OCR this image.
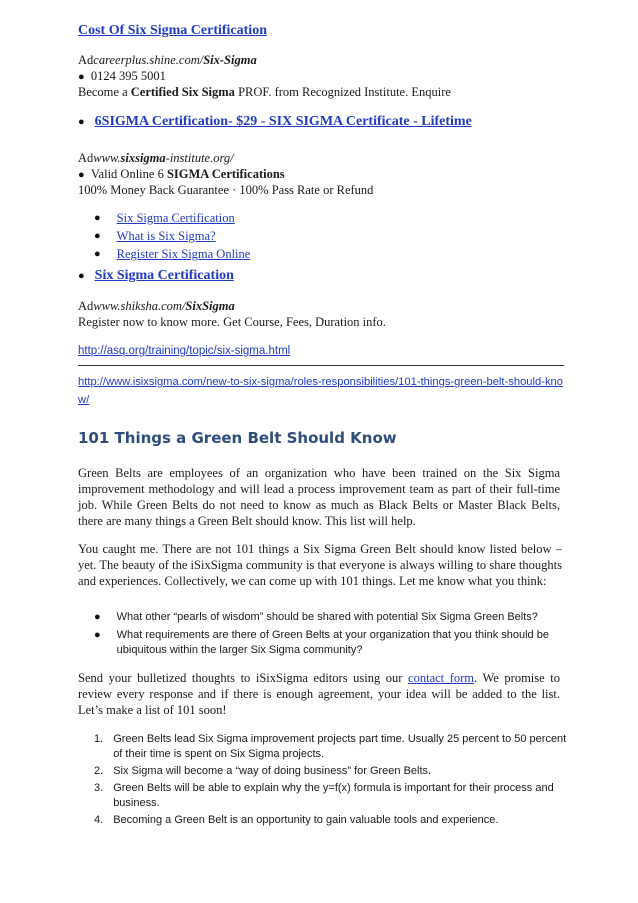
Cost Of Six Sigma Certification
Adcareerplus.shine.com/Six-Sigma
● 0124 395 5001
Become a Certified Six Sigma PROF. from Recognized Institute. Enquire
● 6SIGMA Certification- $29 - SIX SIGMA Certificate - Lifetime
Adwww.sixsigma-institute.org/
● Valid Online 6 SIGMA Certifications
100% Money Back Guarantee · 100% Pass Rate or Refund
● Six Sigma Certification
● What is Six Sigma?
● Register Six Sigma Online
● Six Sigma Certification
Adwww.shiksha.com/SixSigma
Register now to know more. Get Course, Fees, Duration info.
http://asq.org/training/topic/six-sigma.html
http://www.isixsigma.com/new-to-six-sigma/roles-responsibilities/101-things-green-belt-should-know/
101 Things a Green Belt Should Know

Green Belts are employees of an organization who have been trained on the Six Sigma improvement methodology and will lead a process improvement team as part of their full-time job. While Green Belts do not need to know as much as Black Belts or Master Black Belts, there are many things a Green Belt should know. This list will help.

You caught me. There are not 101 things a Six Sigma Green Belt should know listed below – yet. The beauty of the iSixSigma community is that everyone is always willing to share thoughts and experiences. Collectively, we can come up with 101 things. Let me know what you think:

● What other “pearls of wisdom” should be shared with potential Six Sigma Green Belts?
● What requirements are there of Green Belts at your organization that you think should be ubiquitous within the larger Six Sigma community?

Send your bulletized thoughts to iSixSigma editors using our contact form. We promise to review every response and if there is enough agreement, your idea will be added to the list. Let’s make a list of 101 soon!

1. Green Belts lead Six Sigma improvement projects part time. Usually 25 percent to 50 percent of their time is spent on Six Sigma projects.
2. Six Sigma will become a “way of doing business” for Green Belts.
3. Green Belts will be able to explain why the y=f(x) formula is important for their process and business.
4. Becoming a Green Belt is an opportunity to gain valuable tools and experience.
